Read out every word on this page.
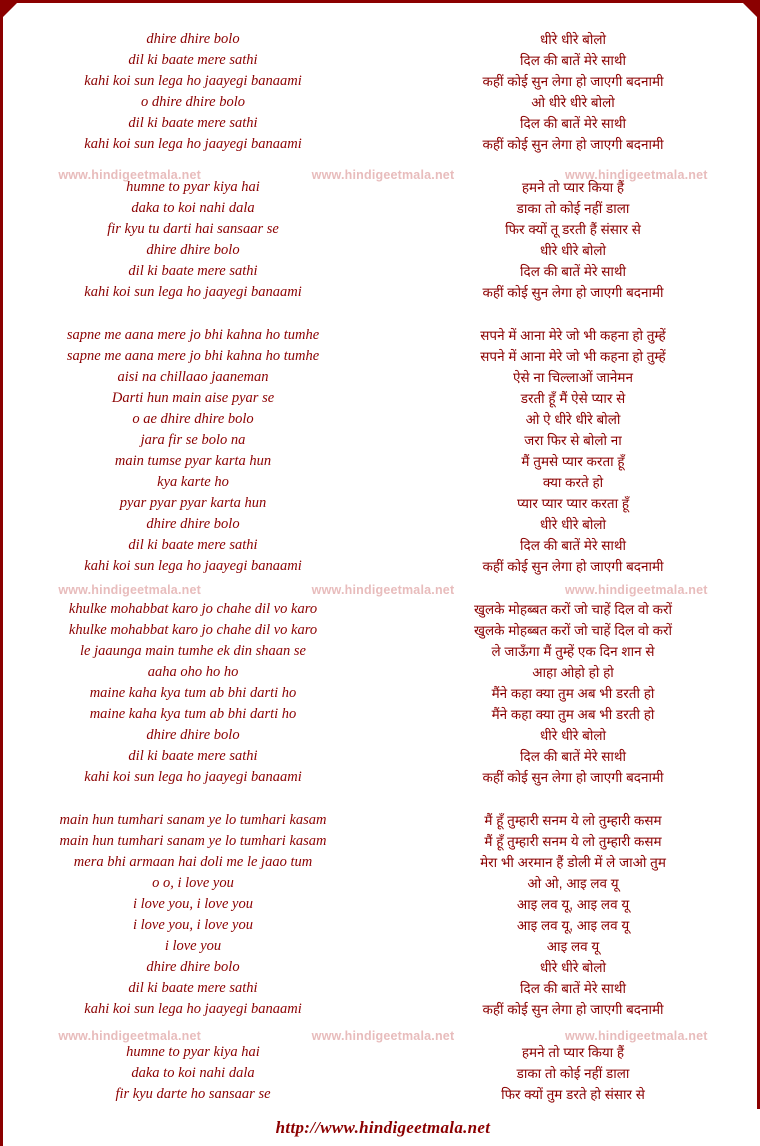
dhire dhire bolo	धीरे धीरे बोलो
dil ki baate mere sathi	दिल की बातें मेरे साथी
kahi koi sun lega ho jaayegi banaami	कहीं कोई सुन लेगा हो जाएगी बदनामी
o dhire dhire bolo	ओ धीरे धीरे बोलो
dil ki baate mere sathi	दिल की बातें मेरे साथी
kahi koi sun lega ho jaayegi banaami	कहीं कोई सुन लेगा हो जाएगी बदनामी
humne to pyar kiya hai	हमने तो प्यार किया हैं
daka to koi nahi dala	डाका तो कोई नहीं डाला
fir kyu tu darti hai sansaar se	फिर क्यों तू डरती हैं संसार से
dhire dhire bolo	धीरे धीरे बोलो
dil ki baate mere sathi	दिल की बातें मेरे साथी
kahi koi sun lega ho jaayegi banaami	कहीं कोई सुन लेगा हो जाएगी बदनामी
sapne me aana mere jo bhi kahna ho tumhe	सपने में आना मेरे जो भी कहना हो तुम्हें
sapne me aana mere jo bhi kahna ho tumhe	सपने में आना मेरे जो भी कहना हो तुम्हें
aisi na chillaao jaaneman	ऐसे ना चिल्लाओं जानेमन
Darti hun main aise pyar se	डरती हूँ मैं ऐसे प्यार से
o ae dhire dhire bolo	ओ ऐ धीरे धीरे बोलो
jara fir se bolo na	जरा फिर से बोलो ना
main tumse pyar karta hun	मैं तुमसे प्यार करता हूँ
kya karte ho	क्या करते हो
pyar pyar pyar karta hun	प्यार प्यार प्यार करता हूँ
dhire dhire bolo	धीरे धीरे बोलो
dil ki baate mere sathi	दिल की बातें मेरे साथी
kahi koi sun lega ho jaayegi banaami	कहीं कोई सुन लेगा हो जाएगी बदनामी
khulke mohabbat karo jo chahe dil vo karo	खुलके मोहब्बत करों जो चाहें दिल वो करों
khulke mohabbat karo jo chahe dil vo karo	खुलके मोहब्बत करों जो चाहें दिल वो करों
le jaaunga main tumhe ek din shaan se	ले जाऊँगा मैं तुम्हें एक दिन शान से
aaha oho ho ho	आहा ओहो हो हो
maine kaha kya tum ab bhi darti ho	मैंने कहा क्या तुम अब भी डरती हो
maine kaha kya tum ab bhi darti ho	मैंने कहा क्या तुम अब भी डरती हो
dhire dhire bolo	धीरे धीरे बोलो
dil ki baate mere sathi	दिल की बातें मेरे साथी
kahi koi sun lega ho jaayegi banaami	कहीं कोई सुन लेगा हो जाएगी बदनामी
main hun tumhari sanam ye lo tumhari kasam	मैं हूँ तुम्हारी सनम ये लो तुम्हारी कसम
main hun tumhari sanam ye lo tumhari kasam	मैं हूँ तुम्हारी सनम ये लो तुम्हारी कसम
mera bhi armaan hai doli me le jaao tum	मेरा भी अरमान हैं डोली में ले जाओ तुम
o o, i love you	ओ ओ, आइ लव यू
i love you, i love you	आइ लव यू, आइ लव यू
i love you, i love you	आइ लव यू, आइ लव यू
i love you	आइ लव यू
dhire dhire bolo	धीरे धीरे बोलो
dil ki baate mere sathi	दिल की बातें मेरे साथी
kahi koi sun lega ho jaayegi banaami	कहीं कोई सुन लेगा हो जाएगी बदनामी
humne to pyar kiya hai	हमने तो प्यार किया हैं
daka to koi nahi dala	डाका तो कोई नहीं डाला
fir kyu darte ho sansaar se	फिर क्यों तुम डरते हो संसार से
www.hindigeetmala.net	www.hindigeetmala.net	www.hindigeetmala.net
www.hindigeetmala.net	www.hindigeetmala.net	www.hindigeetmala.net
www.hindigeetmala.net	www.hindigeetmala.net	www.hindigeetmala.net
http://www.hindigeetmala.net
